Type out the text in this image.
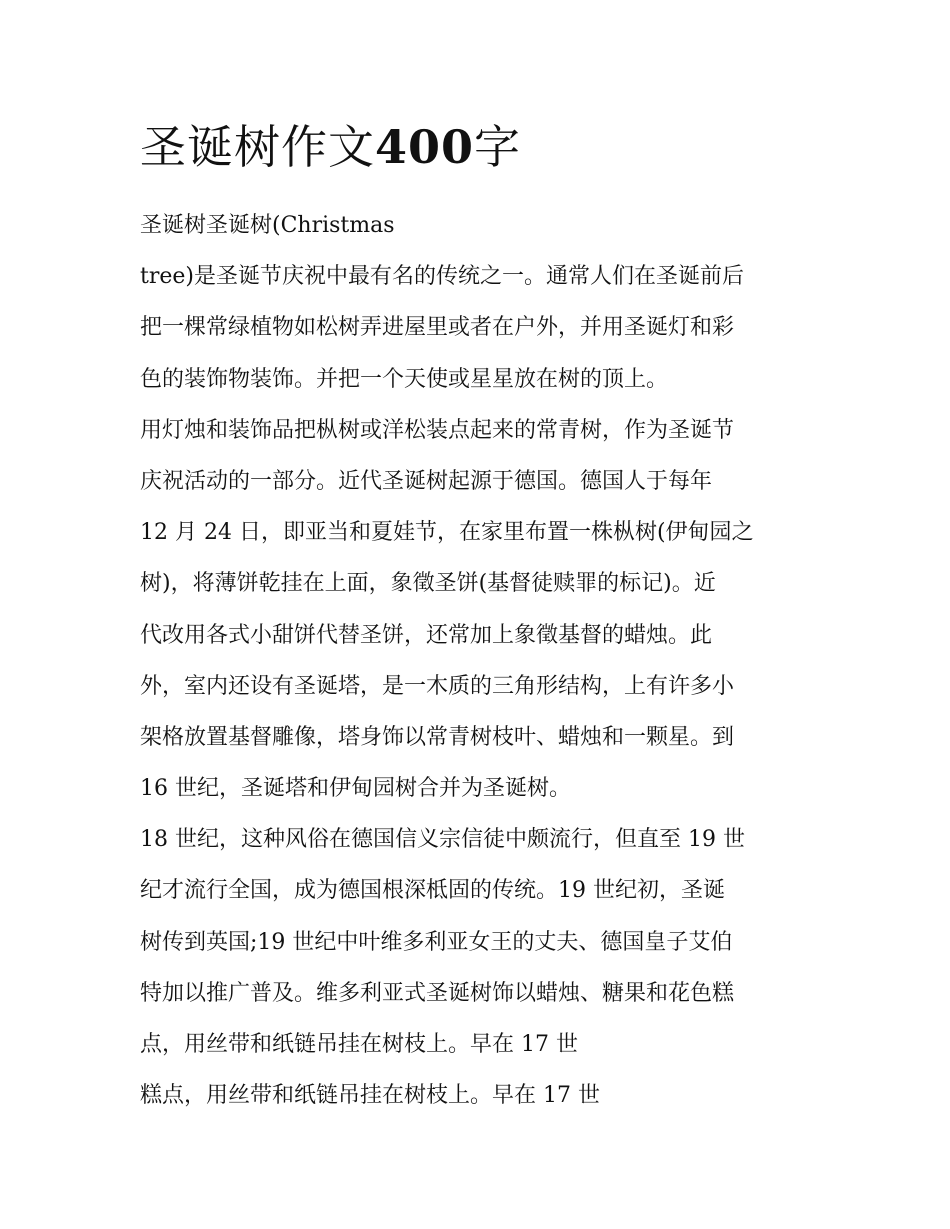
圣诞树作文400字
圣诞树圣诞树(Christmas
tree)是圣诞节庆祝中最有名的传统之一。通常人们在圣诞前后
把一棵常绿植物如松树弄进屋里或者在户外，并用圣诞灯和彩
色的装饰物装饰。并把一个天使或星星放在树的顶上。
用灯烛和装饰品把枞树或洋松装点起来的常青树，作为圣诞节
庆祝活动的一部分。近代圣诞树起源于德国。德国人于每年
12 月 24 日，即亚当和夏娃节，在家里布置一株枞树(伊甸园之
树)，将薄饼乾挂在上面，象徵圣饼(基督徒赎罪的标记)。近
代改用各式小甜饼代替圣饼，还常加上象徵基督的蜡烛。此
外，室内还设有圣诞塔，是一木质的三角形结构，上有许多小
架格放置基督雕像，塔身饰以常青树枝叶、蜡烛和一颗星。到
16 世纪，圣诞塔和伊甸园树合并为圣诞树。
18 世纪，这种风俗在德国信义宗信徒中颇流行，但直至 19 世
纪才流行全国，成为德国根深柢固的传统。19 世纪初，圣诞
树传到英国;19 世纪中叶维多利亚女王的丈夫、德国皇子艾伯
特加以推广普及。维多利亚式圣诞树饰以蜡烛、糖果和花色糕
点，用丝带和纸链吊挂在树枝上。早在 17 世
糕点，用丝带和纸链吊挂在树枝上。早在 17 世
